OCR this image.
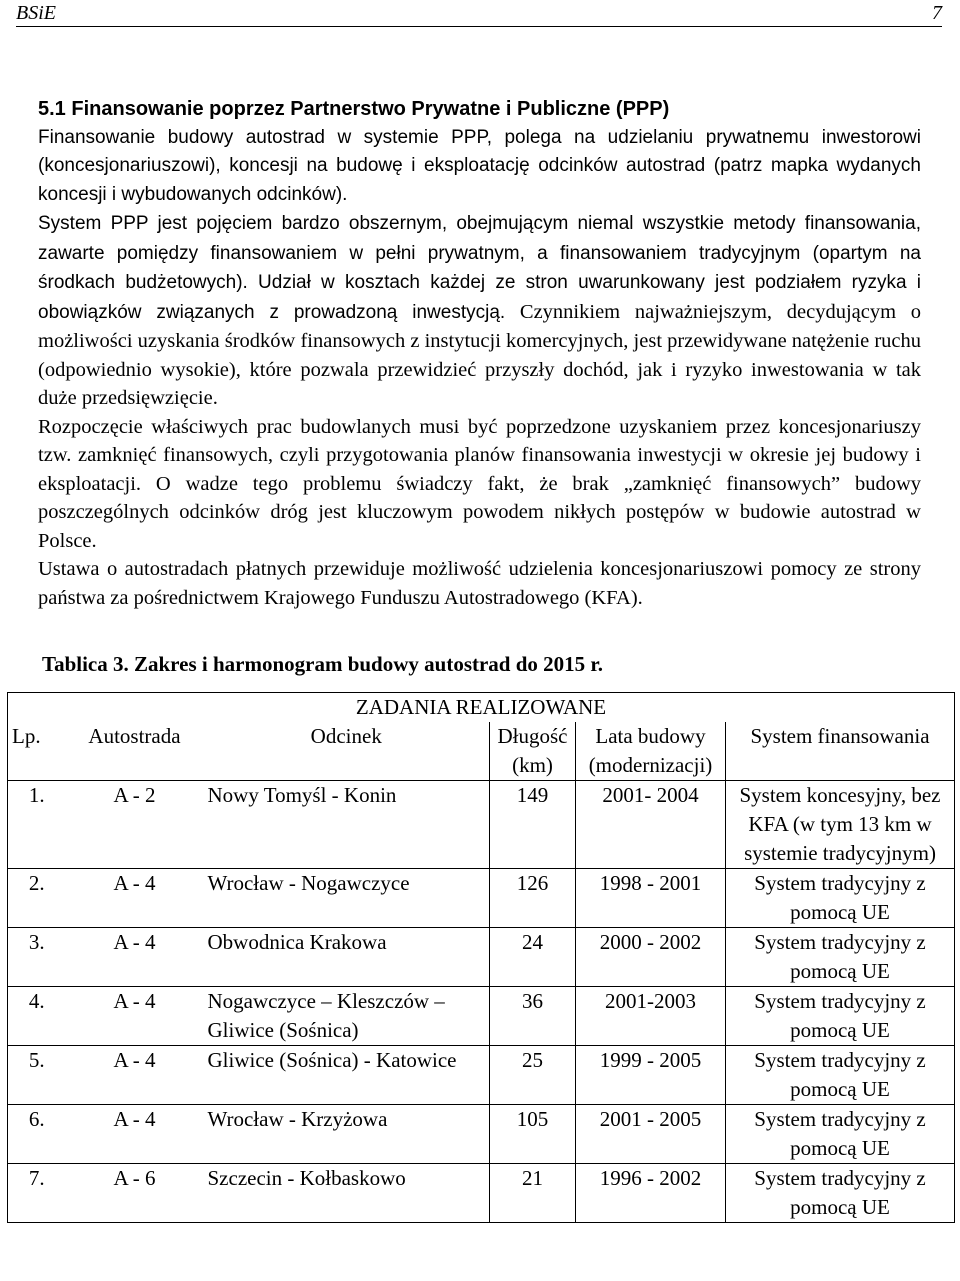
BSiE	7

5.1 Finansowanie poprzez Partnerstwo Prywatne i Publiczne (PPP)

Finansowanie budowy autostrad w systemie PPP, polega na udzielaniu prywatnemu inwestorowi (koncesjonariuszowi), koncesji na budowę i eksploatację odcinków autostrad (patrz mapka wydanych koncesji i wybudowanych odcinków).

System PPP jest pojęciem bardzo obszernym, obejmującym niemal wszystkie metody finansowania, zawarte pomiędzy finansowaniem w pełni prywatnym, a finansowaniem tradycyjnym (opartym na środkach budżetowych). Udział w kosztach każdej ze stron uwarunkowany jest podziałem ryzyka i obowiązków związanych z prowadzoną inwestycją. Czynnikiem najważniejszym, decydującym o możliwości uzyskania środków finansowych z instytucji komercyjnych, jest przewidywane natężenie ruchu (odpowiednio wysokie), które pozwala przewidzieć przyszły dochód, jak i ryzyko inwestowania w tak duże przedsięwzięcie.

Rozpoczęcie właściwych prac budowlanych musi być poprzedzone uzyskaniem przez koncesjonariuszy tzw. zamknięć finansowych, czyli przygotowania planów finansowania inwestycji w okresie jej budowy i eksploatacji. O wadze tego problemu świadczy fakt, że brak „zamknięć finansowych” budowy poszczególnych odcinków dróg jest kluczowym powodem nikłych postępów w budowie autostrad w Polsce.

Ustawa o autostradach płatnych przewiduje możliwość udzielenia koncesjonariuszowi pomocy ze strony państwa za pośrednictwem Krajowego Funduszu Autostradowego (KFA).

Tablica 3. Zakres i harmonogram budowy autostrad do 2015 r.
ZADANIA REALIZOWANE					
Lp.	Autostrada	Odcinek	Długość (km)	Lata budowy (modernizacji)	System finansowania
1.	A - 2	Nowy Tomyśl - Konin	149	2001- 2004	System koncesyjny, bez KFA (w tym 13 km w systemie tradycyjnym)
2.	A - 4	Wrocław - Nogawczyce	126	1998 - 2001	System tradycyjny z pomocą UE
3.	A - 4	Obwodnica Krakowa	24	2000 - 2002	System tradycyjny z pomocą UE
4.	A - 4	Nogawczyce – Kleszczów – Gliwice (Sośnica)	36	2001-2003	System tradycyjny z pomocą UE
5.	A - 4	Gliwice (Sośnica) - Katowice	25	1999 - 2005	System tradycyjny z pomocą UE
6.	A - 4	Wrocław - Krzyżowa	105	2001 - 2005	System tradycyjny z pomocą UE
7.	A - 6	Szczecin - Kołbaskowo	21	1996 - 2002	System tradycyjny z pomocą UE
